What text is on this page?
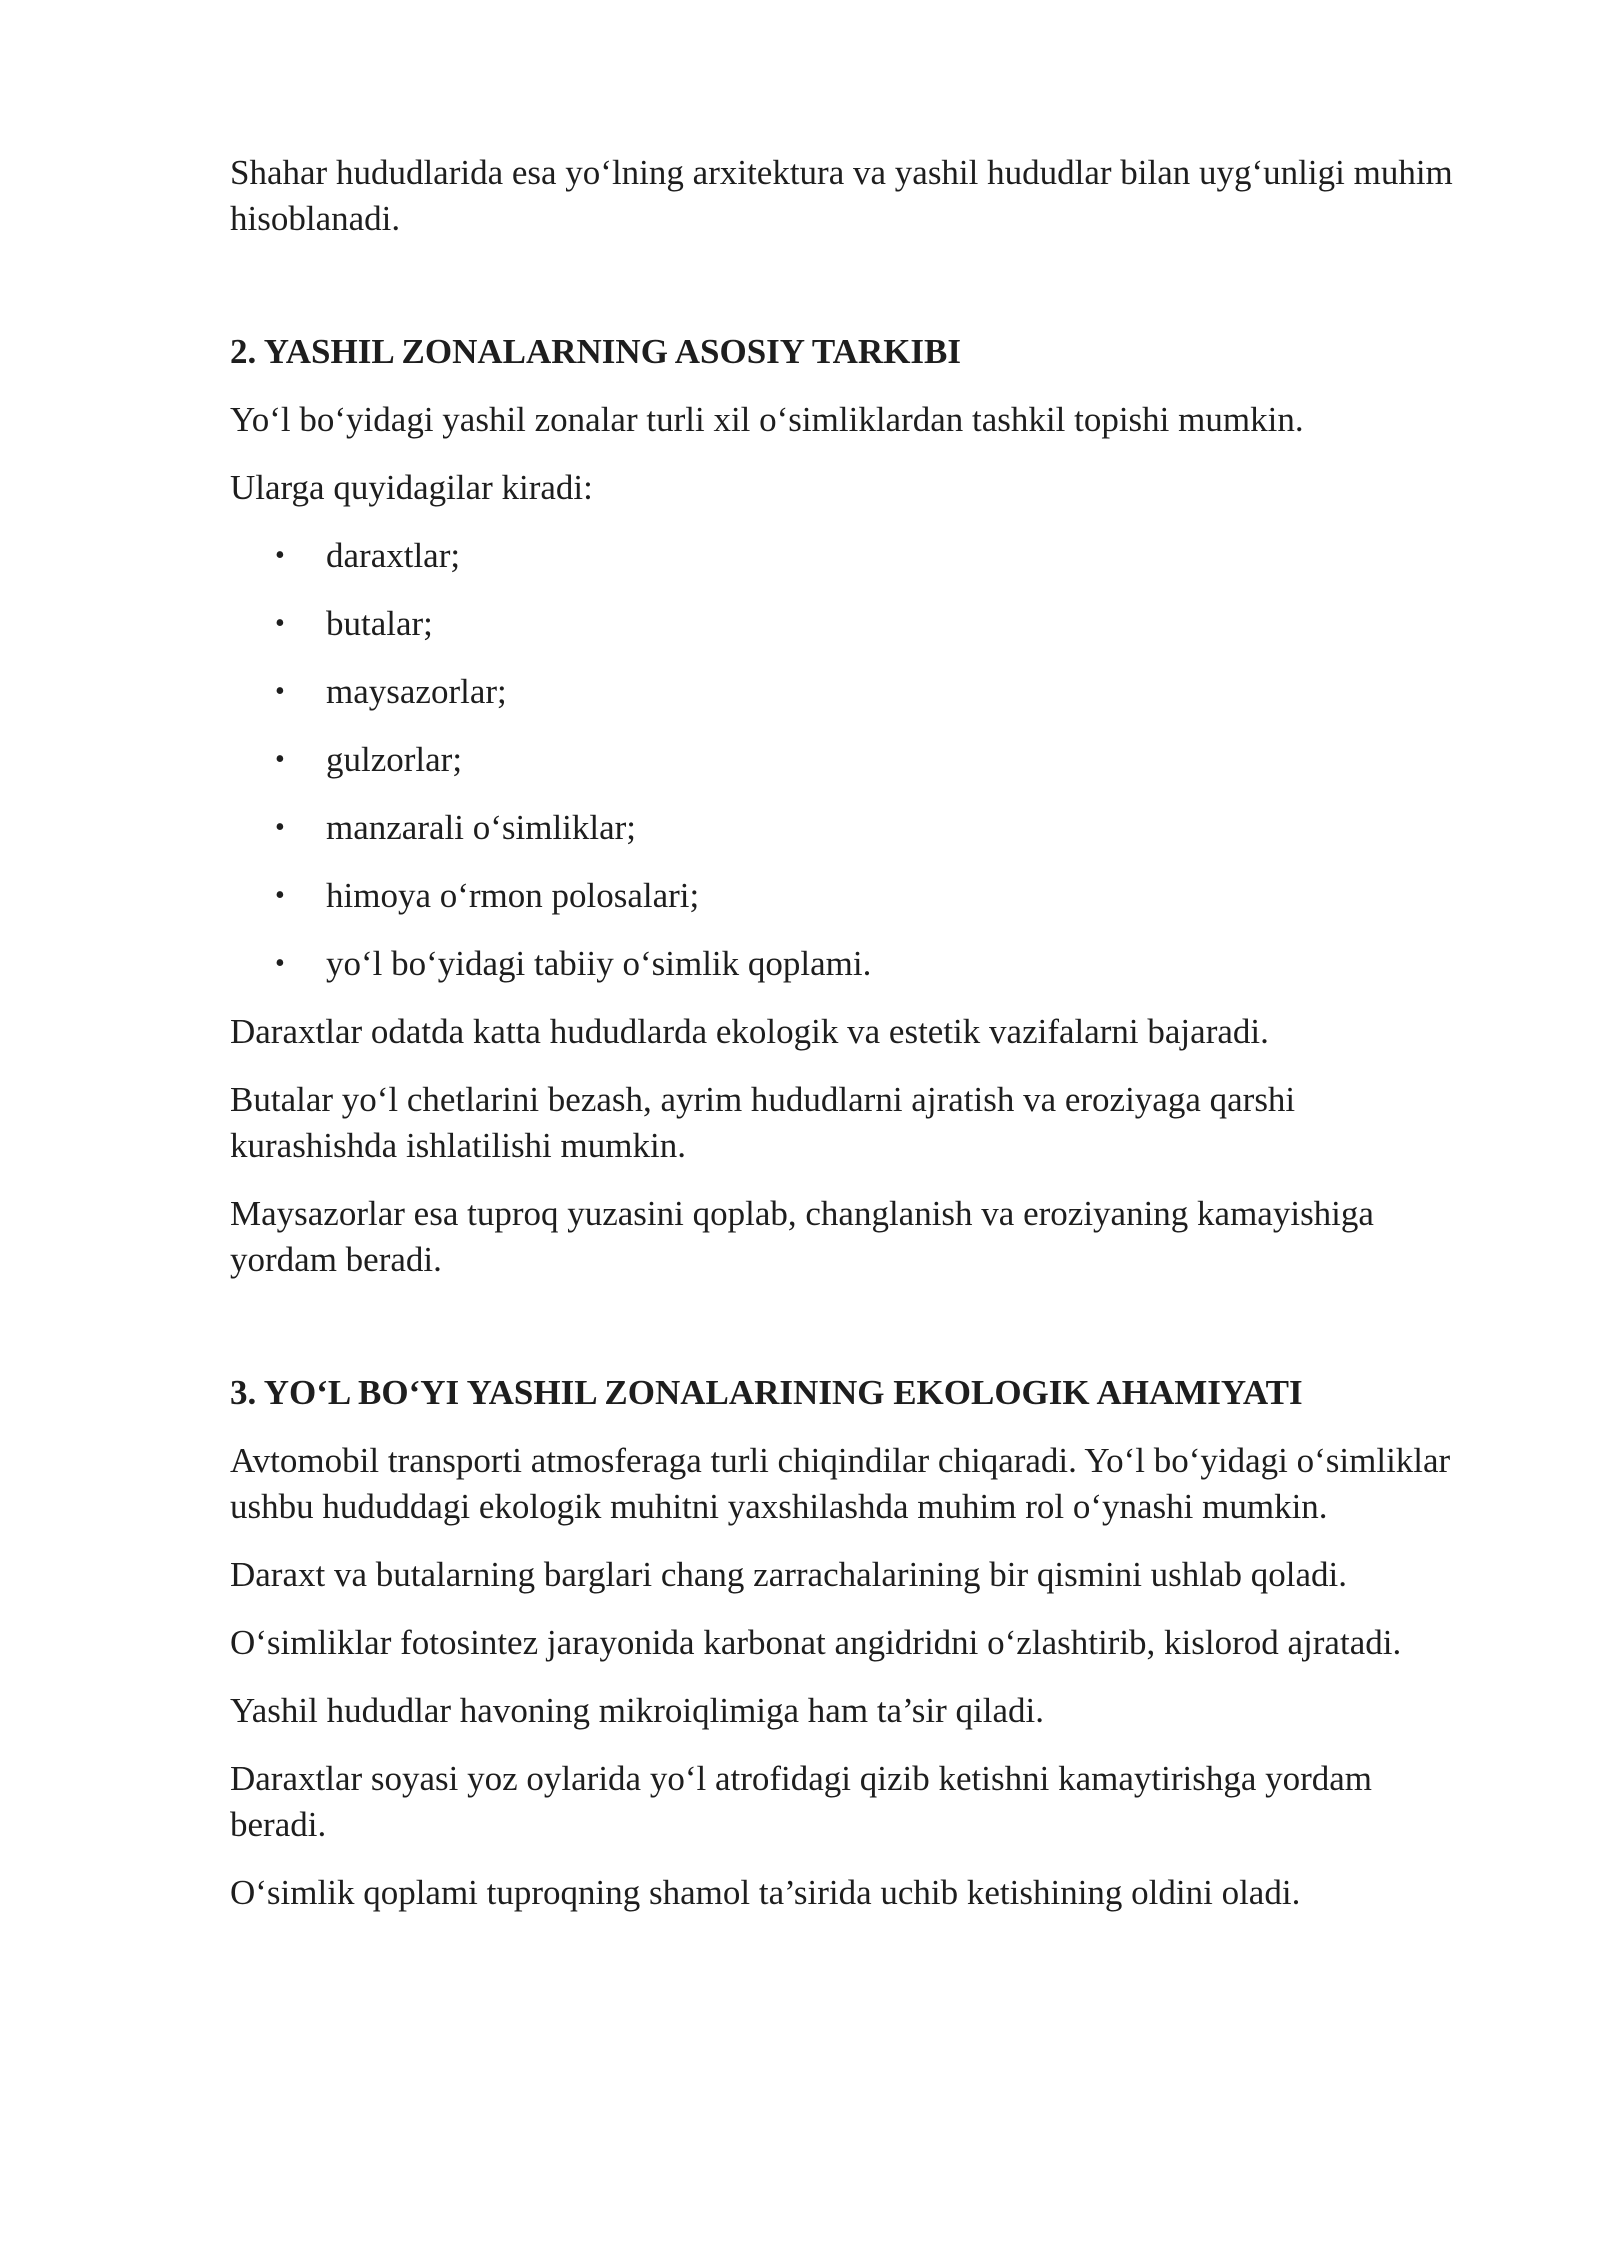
Shahar hududlarida esa yo‘lning arxitektura va yashil hududlar bilan uyg‘unligi muhim hisoblanadi.

2. YASHIL ZONALARNING ASOSIY TARKIBI

Yo‘l bo‘yidagi yashil zonalar turli xil o‘simliklardan tashkil topishi mumkin.

Ularga quyidagilar kiradi:

• daraxtlar;
• butalar;
• maysazorlar;
• gulzorlar;
• manzarali o‘simliklar;
• himoya o‘rmon polosalari;
• yo‘l bo‘yidagi tabiiy o‘simlik qoplami.

Daraxtlar odatda katta hududlarda ekologik va estetik vazifalarni bajaradi.

Butalar yo‘l chetlarini bezash, ayrim hududlarni ajratish va eroziyaga qarshi kurashishda ishlatilishi mumkin.

Maysazorlar esa tuproq yuzasini qoplab, changlanish va eroziyaning kamayishiga yordam beradi.

3. YO‘L BO‘YI YASHIL ZONALARINING EKOLOGIK AHAMIYATI

Avtomobil transporti atmosferaga turli chiqindilar chiqaradi. Yo‘l bo‘yidagi o‘simliklar ushbu hududdagi ekologik muhitni yaxshilashda muhim rol o‘ynashi mumkin.

Daraxt va butalarning barglari chang zarrachalarining bir qismini ushlab qoladi.

O‘simliklar fotosintez jarayonida karbonat angidridni o‘zlashtirib, kislorod ajratadi.

Yashil hududlar havoning mikroiqlimiga ham ta’sir qiladi.

Daraxtlar soyasi yoz oylarida yo‘l atrofidagi qizib ketishni kamaytirishga yordam beradi.

O‘simlik qoplami tuproqning shamol ta’sirida uchib ketishining oldini oladi.
